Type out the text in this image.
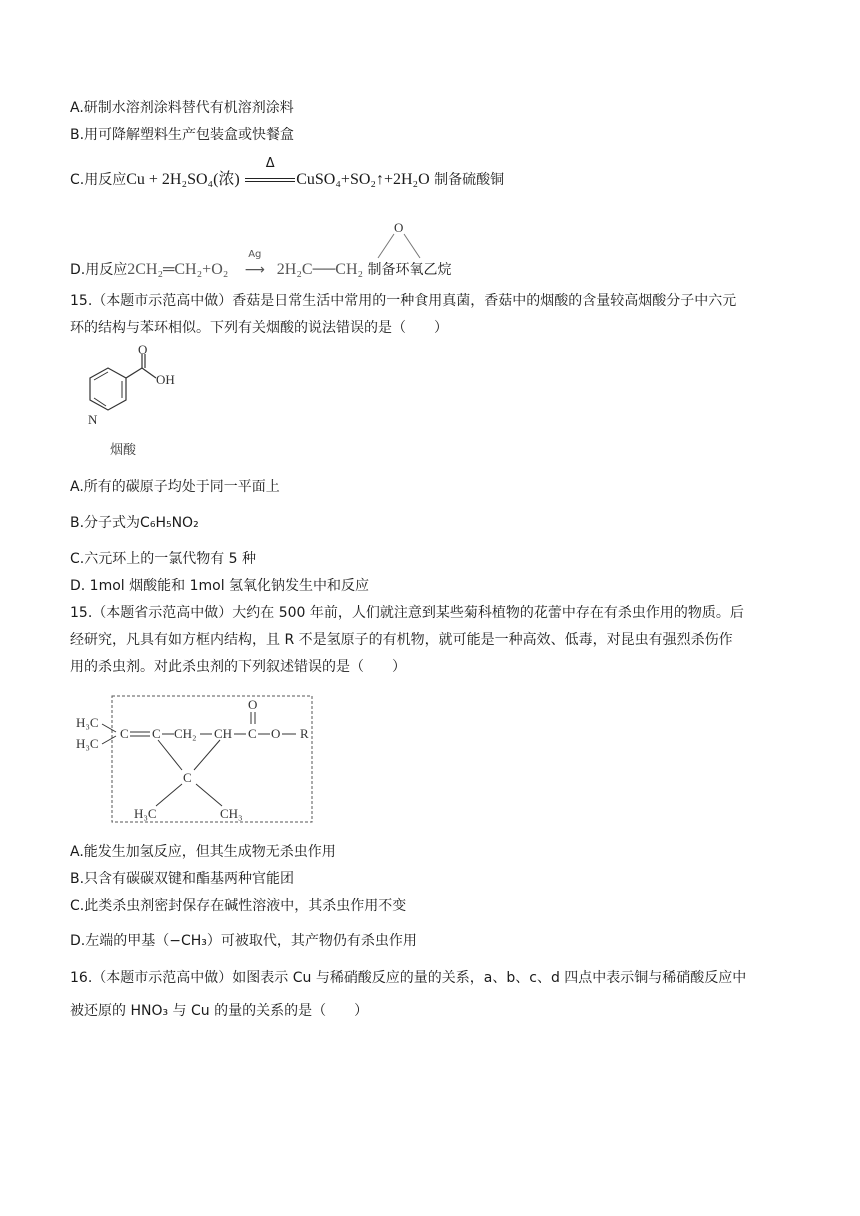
A.研制水溶剂涂料替代有机溶剂涂料
B.用可降解塑料生产包装盒或快餐盒
C.用反应Cu + 2H₂SO₄(浓)
Δ
CuSO₄+SO₂↑+2H₂O 制备硫酸铜
D.用反应2CH₂═CH₂+O₂
Ag
⟶ 2H₂C──CH₂ 制备环氧乙烷
O
15.（本题市示范高中做）香菇是日常生活中常用的一种食用真菌，香菇中的烟酸的含量较高烟酸分子中六元
环的结构与苯环相似。下列有关烟酸的说法错误的是（　　）
N
O
OH
烟酸
A.所有的碳原子均处于同一平面上
B.分子式为C₆H₅NO₂
C.六元环上的一氯代物有 5 种
D. 1mol 烟酸能和 1mol 氢氧化钠发生中和反应
15.（本题省示范高中做）大约在 500 年前，人们就注意到某些菊科植物的花蕾中存在有杀虫作用的物质。后
经研究，凡具有如方框内结构，且 R 不是氢原子的有机物，就可能是一种高效、低毒，对昆虫有强烈杀伤作
用的杀虫剂。对此杀虫剂的下列叙述错误的是（　　）
H₃C
H₃C
C C CH₂ CH C
O
O R
C
H₃C	CH₃
A.能发生加氢反应，但其生成物无杀虫作用
B.只含有碳碳双键和酯基两种官能团
C.此类杀虫剂密封保存在碱性溶液中，其杀虫作用不变
D.左端的甲基（−CH₃）可被取代，其产物仍有杀虫作用
16.（本题市示范高中做）如图表示 Cu 与稀硝酸反应的量的关系，a、b、c、d 四点中表示铜与稀硝酸反应中
被还原的 HNO₃ 与 Cu 的量的关系的是（　　）
